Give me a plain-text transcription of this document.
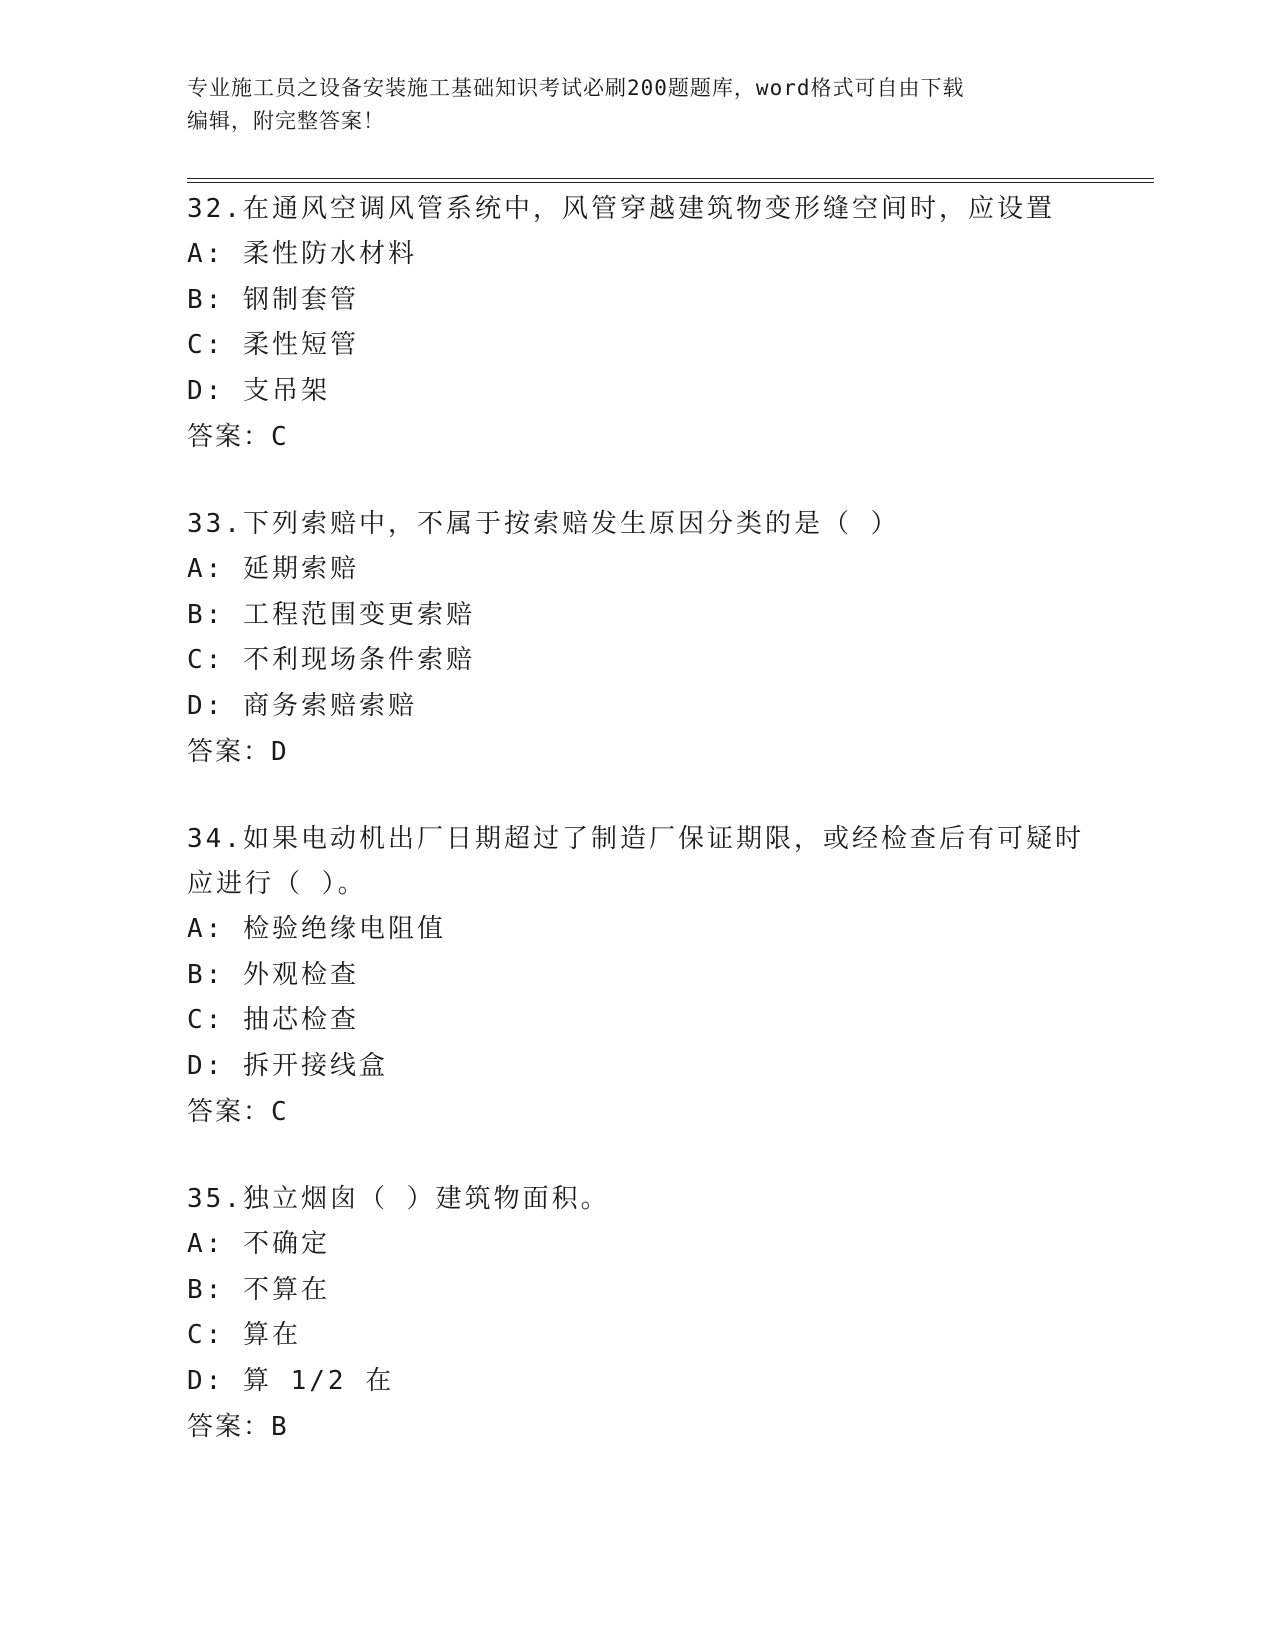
专业施工员之设备安装施工基础知识考试必刷200题题库，word格式可自由下载
编辑，附完整答案！

32.在通风空调风管系统中，风管穿越建筑物变形缝空间时，应设置

A: 柔性防水材料

B: 钢制套管

C: 柔性短管

D: 支吊架

答案：C

33.下列索赔中，不属于按索赔发生原因分类的是（ ）

A: 延期索赔

B: 工程范围变更索赔

C: 不利现场条件索赔

D: 商务索赔索赔

答案：D

34.如果电动机出厂日期超过了制造厂保证期限，或经检查后有可疑时应进行（ ）。

A: 检验绝缘电阻值

B: 外观检查

C: 抽芯检查

D: 拆开接线盒

答案：C

35.独立烟囱（ ）建筑物面积。

A: 不确定

B: 不算在

C: 算在

D: 算 1/2 在

答案：B
